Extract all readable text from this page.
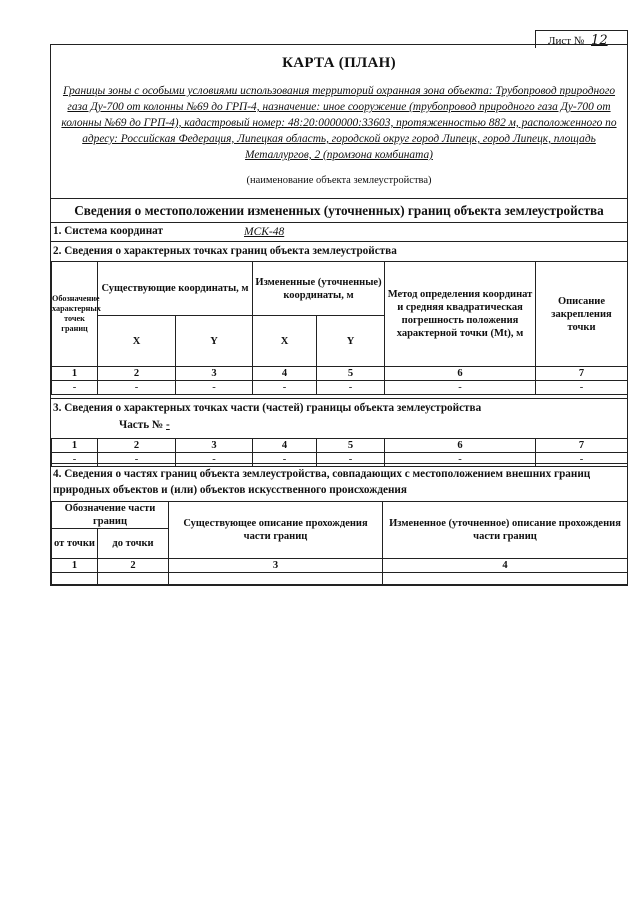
Лист № 12
КАРТА (ПЛАН)
Границы зоны с особыми условиями использования территорий охранная зона объекта: Трубопровод природного газа Ду-700 от колонны №69 до ГРП-4, назначение: иное сооружение (трубопровод природного газа Ду-700 от колонны №69 до ГРП-4), кадастровый номер: 48:20:0000000:33603, протяженностью 882 м, расположенного по адресу: Российская Федерация, Липецкая область, городской округ город Липецк, город Липецк, площадь Металлургов, 2 (промзона комбината)
(наименование объекта землеустройства)
Сведения о местоположении измененных (уточненных) границ объекта землеустройства
1. Система координат	МСК-48
2. Сведения о характерных точках границ объекта землеустройства
Обозначение характерных точек границ	Существующие координаты, м		Измененные (уточненные) координаты, м		Метод определения координат и средняя квадратическая погрешность положения характерной точки (Mt), м	Описание закрепления точки
	X	Y	X	Y		
1	2	3	4	5	6	7
-	-	-	-	-	-	-
3. Сведения о характерных точках части (частей) границы объекта землеустройства
Часть № -
1	2	3	4	5	6	7
-	-	-	-	-	-	-
4. Сведения о частях границ объекта землеустройства, совпадающих с местоположением внешних границ природных объектов и (или) объектов искусственного происхождения
Обозначение части границ		Существующее описание прохождения части границ	Измененное (уточненное) описание прохождения части границ
от точки	до точки		
1	2	3	4
